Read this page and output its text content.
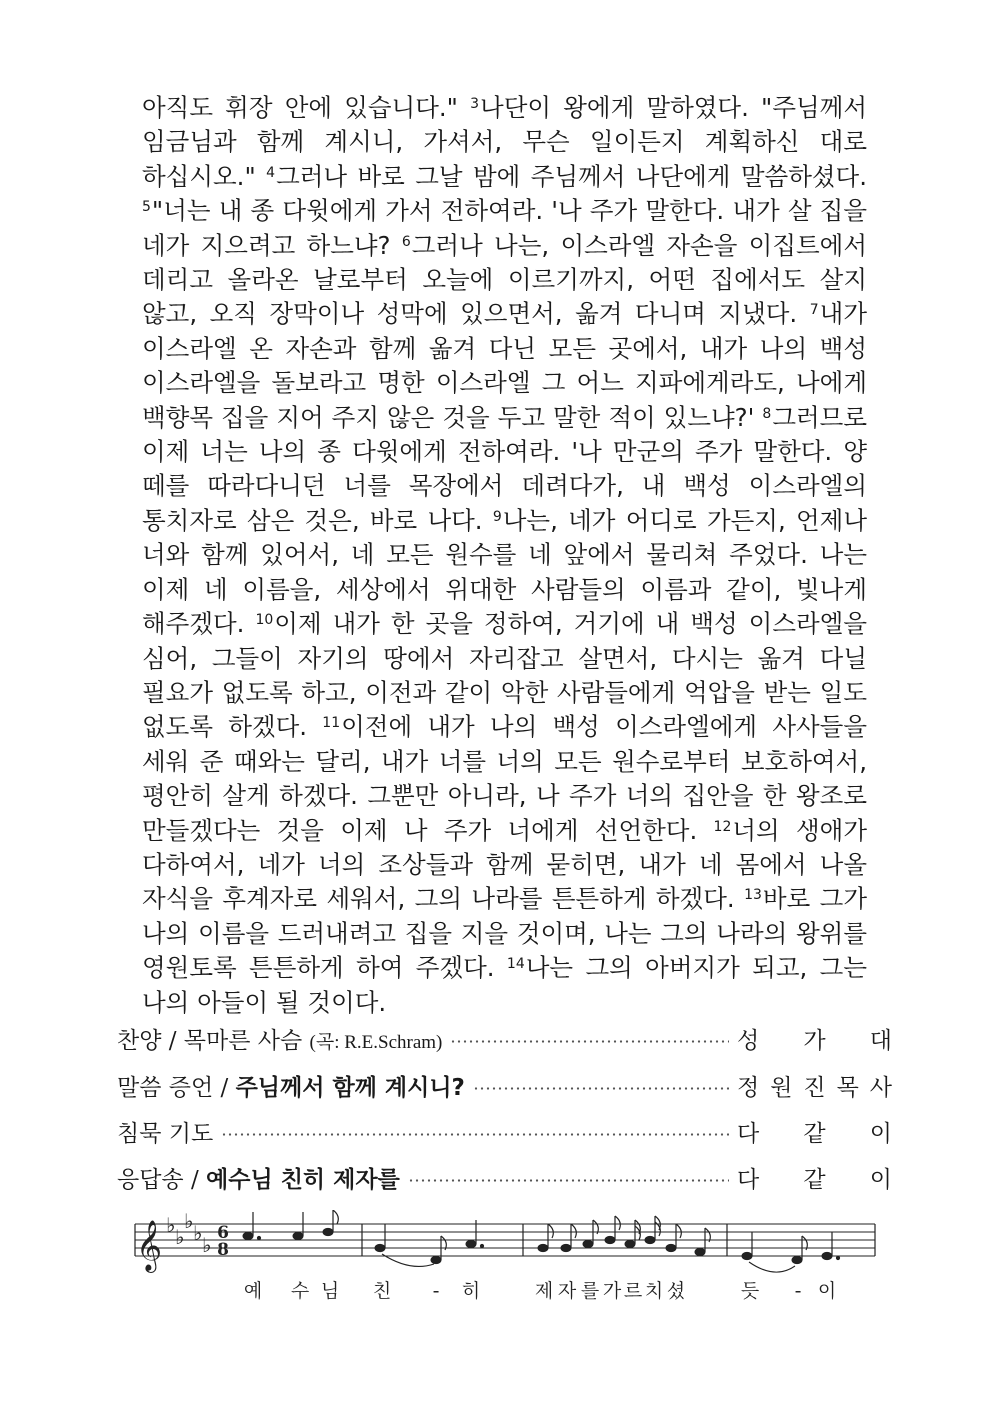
아직도 휘장 안에 있습니다." $^3$나단이 왕에게 말하였다. "주님께서 임금님과 함께 계시니, 가셔서, 무슨 일이든지 계획하신 대로 하십시오." $^4$그러나 바로 그날 밤에 주님께서 나단에게 말씀하셨다. $^5$"너는 내 종 다윗에게 가서 전하여라. '나 주가 말한다. 내가 살 집을 네가 지으려고 하느냐? $^6$그러나 나는, 이스라엘 자손을 이집트에서 데리고 올라온 날로부터 오늘에 이르기까지, 어떤 집에서도 살지 않고, 오직 장막이나 성막에 있으면서, 옮겨 다니며 지냈다. $^7$내가 이스라엘 온 자손과 함께 옮겨 다닌 모든 곳에서, 내가 나의 백성 이스라엘을 돌보라고 명한 이스라엘 그 어느 지파에게라도, 나에게 백향목 집을 지어 주지 않은 것을 두고 말한 적이 있느냐?' $^8$그러므로 이제 너는 나의 종 다윗에게 전하여라. '나 만군의 주가 말한다. 양 떼를 따라다니던 너를 목장에서 데려다가, 내 백성 이스라엘의 통치자로 삼은 것은, 바로 나다. $^9$나는, 네가 어디로 가든지, 언제나 너와 함께 있어서, 네 모든 원수를 네 앞에서 물리쳐 주었다. 나는 이제 네 이름을, 세상에서 위대한 사람들의 이름과 같이, 빛나게 해주겠다. $^{10}$이제 내가 한 곳을 정하여, 거기에 내 백성 이스라엘을 심어, 그들이 자기의 땅에서 자리잡고 살면서, 다시는 옮겨 다닐 필요가 없도록 하고, 이전과 같이 악한 사람들에게 억압을 받는 일도 없도록 하겠다. $^{11}$이전에 내가 나의 백성 이스라엘에게 사사들을 세워 준 때와는 달리, 내가 너를 너의 모든 원수로부터 보호하여서, 평안히 살게 하겠다. 그뿐만 아니라, 나 주가 너의 집안을 한 왕조로 만들겠다는 것을 이제 나 주가 너에게 선언한다. $^{12}$너의 생애가 다하여서, 네가 너의 조상들과 함께 묻히면, 내가 네 몸에서 나올 자식을 후계자로 세워서, 그의 나라를 튼튼하게 하겠다. $^{13}$바로 그가 나의 이름을 드러내려고 집을 지을 것이며, 나는 그의 나라의 왕위를 영원토록 튼튼하게 하여 주겠다. $^{14}$나는 그의 아버지가 되고, 그는 나의 아들이 될 것이다.
찬양 / 목마른 사슴 (곡: R.E.Schram)	성 가 대
말씀 증언 / 주님께서 함께 계시니?	정 원 진 목 사
침묵 기도	다 같 이
응답송 / 예수님 친히 제자를	다 같 이
𝄞 ♭ ♭
♭ ♭ ♭ 6
8
예 수 님 친 - 히	제 자 를 가 르 치 셨	듯 - 이
